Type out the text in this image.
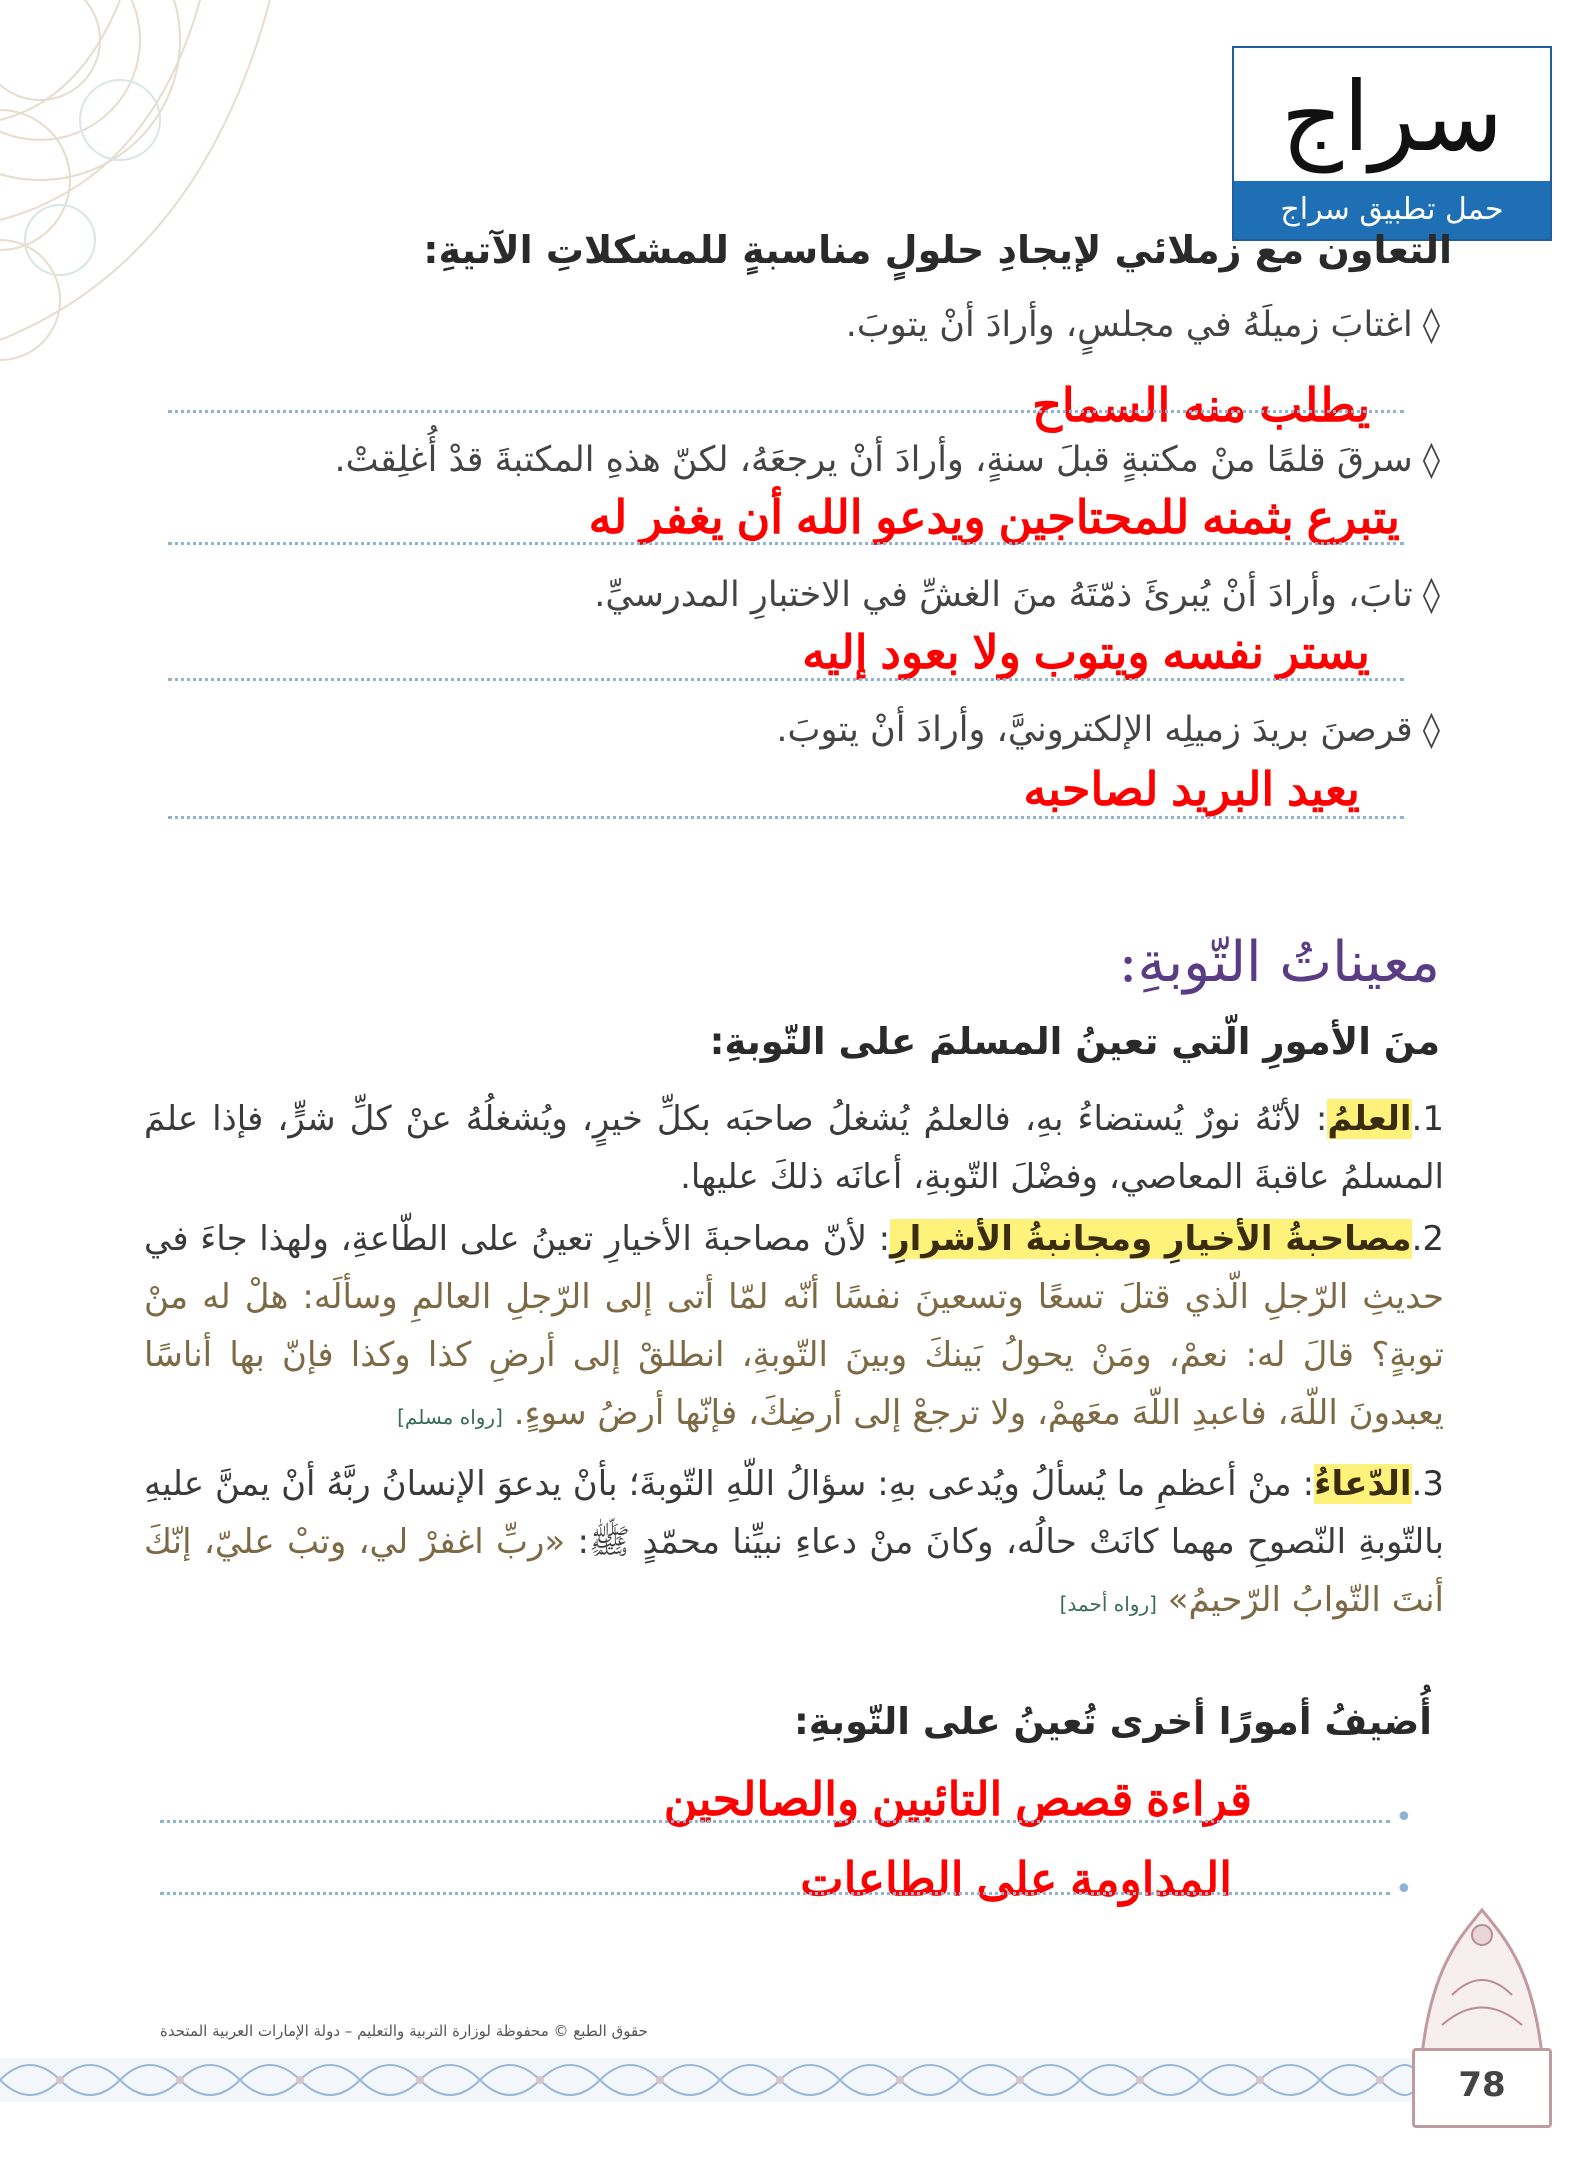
سراج
حمل تطبيق سراج
التعاون مع زملائي لإيجادِ حلولٍ مناسبةٍ للمشكلاتِ الآتيةِ:
◊اغتابَ زميلَهُ في مجلسٍ، وأرادَ أنْ يتوبَ.
يطلب منه السماح
◊سرقَ قلمًا منْ مكتبةٍ قبلَ سنةٍ، وأرادَ أنْ يرجعَهُ، لكنّ هذهِ المكتبةَ قدْ أُغلِقتْ.
يتبرع بثمنه للمحتاجين ويدعو الله أن يغفر له
◊تابَ، وأرادَ أنْ يُبرئَ ذمّتَهُ منَ الغشِّ في الاختبارِ المدرسيِّ.
يستر نفسه ويتوب ولا بعود إليه
◊قرصنَ بريدَ زميلِه الإلكترونيَّ، وأرادَ أنْ يتوبَ.
يعيد البريد لصاحبه
معيناتُ التّوبةِ:
منَ الأمورِ الّتي تعينُ المسلمَ على التّوبةِ:
1.العلمُ: لأنّهُ نورٌ يُستضاءُ بهِ، فالعلمُ يُشغلُ صاحبَه بكلِّ خيرٍ، ويُشغلُهُ عنْ كلِّ شرٍّ، فإذا علمَ المسلمُ عاقبةَ المعاصي، وفضْلَ التّوبةِ، أعانَه ذلكَ عليها.
2.مصاحبةُ الأخيارِ ومجانبةُ الأشرارِ: لأنّ مصاحبةَ الأخيارِ تعينُ على الطّاعةِ، ولهذا جاءَ في حديثِ الرّجلِ الّذي قتلَ تسعًا وتسعينَ نفسًا أنّه لمّا أتى إلى الرّجلِ العالمِ وسألَه: هلْ له منْ توبةٍ؟ قالَ له: نعمْ، ومَنْ يحولُ بَينكَ وبينَ التّوبةِ، انطلقْ إلى أرضِ كذا وكذا فإنّ بها أناسًا يعبدونَ اللّهَ، فاعبدِ اللّهَ معَهمْ، ولا ترجعْ إلى أرضِكَ، فإنّها أرضُ سوءٍ. [رواه مسلم]
3.الدّعاءُ: منْ أعظمِ ما يُسألُ ويُدعى بهِ: سؤالُ اللّهِ التّوبةَ؛ بأنْ يدعوَ الإنسانُ ربَّهُ أنْ يمنَّ عليهِ بالتّوبةِ النّصوحِ مهما كانَتْ حالُه، وكانَ منْ دعاءِ نبيِّنا محمّدٍ ﷺ: «ربِّ اغفرْ لي، وتبْ عليّ، إنّكَ أنتَ التّوابُ الرّحيمُ» [رواه أحمد]
أُضيفُ أمورًا أخرى تُعينُ على التّوبةِ:
قراءة قصص التائبين والصالحين	•
المداومة على الطاعات	•
حقوق الطبع © محفوظة لوزارة التربية والتعليم – دولة الإمارات العربية المتحدة
78
